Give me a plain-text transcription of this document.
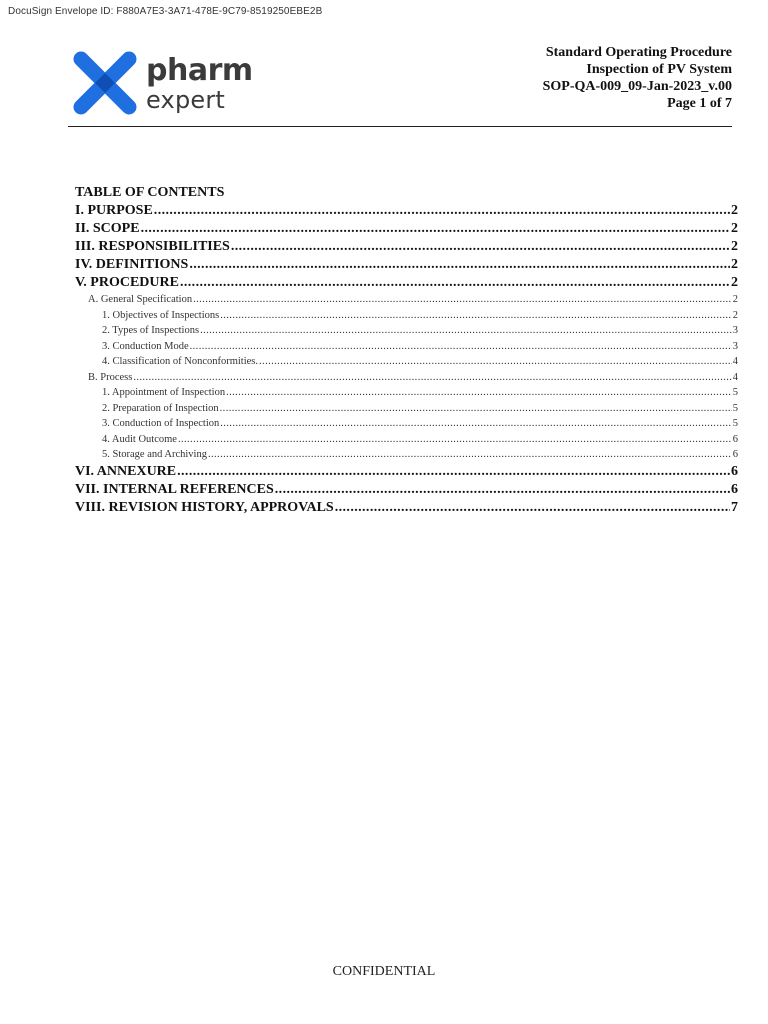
DocuSign Envelope ID: F880A7E3-3A71-478E-9C79-8519250EBE2B
pharm
expert
Standard Operating Procedure
Inspection of PV System
SOP-QA-009_09-Jan-2023_v.00
Page 1 of 7
TABLE OF CONTENTS
I. PURPOSE .....	2
II. SCOPE .....	2
III. RESPONSIBILITIES .....	2
IV. DEFINITIONS .....	2
V. PROCEDURE .....	2
A. General Specification .....	2
1. Objectives of Inspections .....	2
2. Types of Inspections .....	3
3. Conduction Mode .....	3
4. Classification of Nonconformities. .....	4
B. Process .....	4
1. Appointment of Inspection .....	5
2. Preparation of Inspection .....	5
3. Conduction of Inspection .....	5
4. Audit Outcome .....	6
5. Storage and Archiving .....	6
VI. ANNEXURE .....	6
VII. INTERNAL REFERENCES .....	6
VIII. REVISION HISTORY, APPROVALS .....	7
CONFIDENTIAL
